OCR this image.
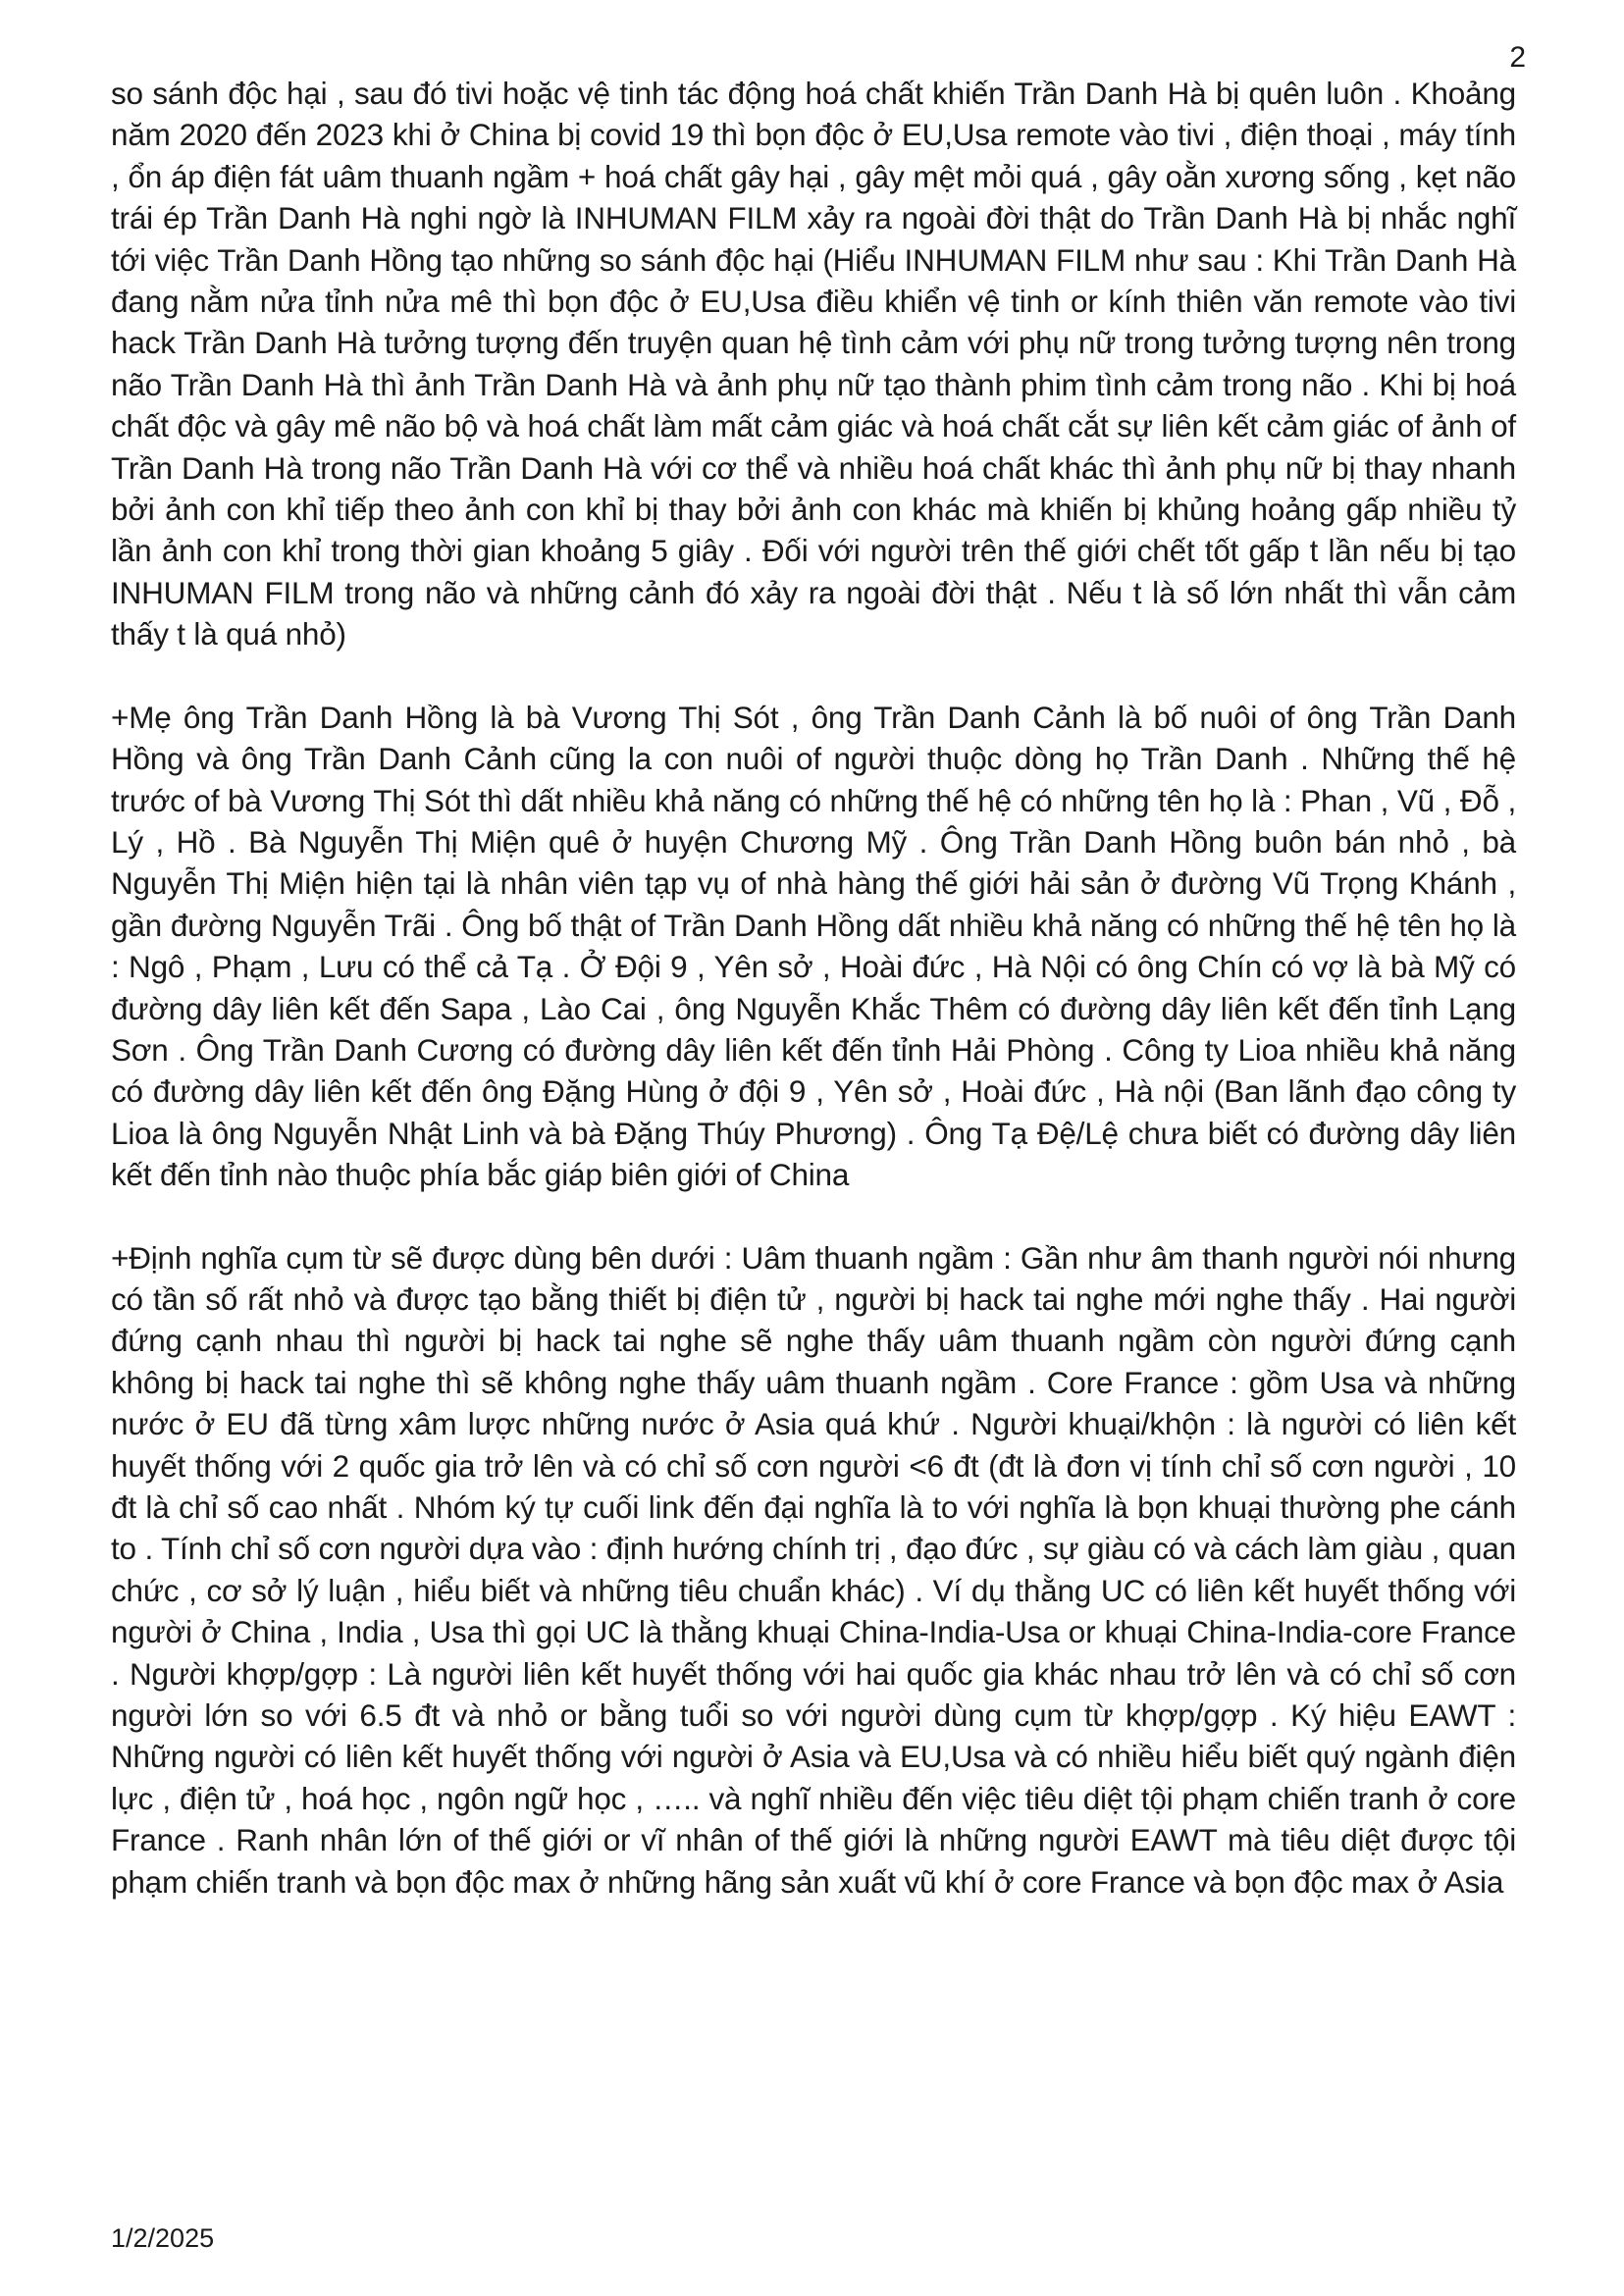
2

so sánh độc hại , sau đó tivi hoặc vệ tinh tác động hoá chất khiến Trần Danh Hà bị quên luôn . Khoảng năm 2020 đến 2023 khi ở China bị covid 19 thì bọn độc ở EU,Usa remote vào tivi , điện thoại , máy tính , ổn áp điện fát uâm thuanh ngầm + hoá chất gây hại , gây mệt mỏi quá , gây oằn xương sống , kẹt não trái ép Trần Danh Hà nghi ngờ là INHUMAN FILM xảy ra ngoài đời thật do Trần Danh Hà bị nhắc nghĩ tới việc Trần Danh Hồng tạo những so sánh độc hại (Hiểu INHUMAN FILM như sau : Khi Trần Danh Hà đang nằm nửa tỉnh nửa mê thì bọn độc ở EU,Usa điều khiển vệ tinh or kính thiên văn remote vào tivi hack Trần Danh Hà tưởng tượng đến truyện quan hệ tình cảm với phụ nữ trong tưởng tượng nên trong não Trần Danh Hà thì ảnh Trần Danh Hà và ảnh phụ nữ tạo thành phim tình cảm trong não . Khi bị hoá chất độc và gây mê não bộ và hoá chất làm mất cảm giác và hoá chất cắt sự liên kết cảm giác of ảnh of Trần Danh Hà trong não Trần Danh Hà với cơ thể và nhiều hoá chất khác thì ảnh phụ nữ bị thay nhanh bởi ảnh con khỉ tiếp theo ảnh con khỉ bị thay bởi ảnh con khác mà khiến bị khủng hoảng gấp nhiều tỷ lần ảnh con khỉ trong thời gian khoảng 5 giây . Đối với người trên thế giới chết tốt gấp t lần nếu bị tạo INHUMAN FILM trong não và những cảnh đó xảy ra ngoài đời thật . Nếu t là số lớn nhất thì vẫn cảm thấy t là quá nhỏ)

+Mẹ ông Trần Danh Hồng là bà Vương Thị Sót , ông Trần Danh Cảnh là bố nuôi of ông Trần Danh Hồng và ông Trần Danh Cảnh cũng la con nuôi of người thuộc dòng họ Trần Danh . Những thế hệ trước of bà Vương Thị Sót thì dất nhiều khả năng có những thế hệ có những tên họ là : Phan , Vũ , Đỗ , Lý , Hồ . Bà Nguyễn Thị Miện quê ở huyện Chương Mỹ . Ông Trần Danh Hồng buôn bán nhỏ , bà Nguyễn Thị Miện hiện tại là nhân viên tạp vụ of nhà hàng thế giới hải sản ở đường Vũ Trọng Khánh , gần đường Nguyễn Trãi . Ông bố thật of Trần Danh Hồng dất nhiều khả năng có những thế hệ tên họ là : Ngô , Phạm , Lưu có thể cả Tạ . Ở Đội 9 , Yên sở , Hoài đức , Hà Nội có ông Chín có vợ là bà Mỹ có đường dây liên kết đến Sapa , Lào Cai , ông Nguyễn Khắc Thêm có đường dây liên kết đến tỉnh Lạng Sơn . Ông Trần Danh Cương có đường dây liên kết đến tỉnh Hải Phòng . Công ty Lioa nhiều khả năng có đường dây liên kết đến ông Đặng Hùng ở đội 9 , Yên sở , Hoài đức , Hà nội (Ban lãnh đạo công ty Lioa là ông Nguyễn Nhật Linh và bà Đặng Thúy Phương) . Ông Tạ Đệ/Lệ chưa biết có đường dây liên kết đến tỉnh nào thuộc phía bắc giáp biên giới of China

+Định nghĩa cụm từ sẽ được dùng bên dưới : Uâm thuanh ngầm : Gần như âm thanh người nói nhưng có tần số rất nhỏ và được tạo bằng thiết bị điện tử , người bị hack tai nghe mới nghe thấy . Hai người đứng cạnh nhau thì người bị hack tai nghe sẽ nghe thấy uâm thuanh ngầm còn người đứng cạnh không bị hack tai nghe thì sẽ không nghe thấy uâm thuanh ngầm . Core France : gồm Usa và những nước ở EU đã từng xâm lược những nước ở Asia quá khứ . Người khuại/khộn : là người có liên kết huyết thống với 2 quốc gia trở lên và có chỉ số cơn người <6 đt (đt là đơn vị tính chỉ số cơn người , 10 đt là chỉ số cao nhất . Nhóm ký tự cuối link đến đại nghĩa là to với nghĩa là bọn khuại thường phe cánh to . Tính chỉ số cơn người dựa vào : định hướng chính trị , đạo đức , sự giàu có và cách làm giàu , quan chức , cơ sở lý luận , hiểu biết và những tiêu chuẩn khác) . Ví dụ thằng UC có liên kết huyết thống với người ở China , India , Usa thì gọi UC là thằng khuại China-India-Usa or khuại China-India-core France . Người khợp/gợp : Là người liên kết huyết thống với hai quốc gia khác nhau trở lên và có chỉ số cơn người lớn so với 6.5 đt và nhỏ or bằng tuổi so với người dùng cụm từ khợp/gợp . Ký hiệu EAWT : Những người có liên kết huyết thống với người ở Asia và EU,Usa và có nhiều hiểu biết quý ngành điện lực , điện tử , hoá học , ngôn ngữ học , ….. và nghĩ nhiều đến việc tiêu diệt tội phạm chiến tranh ở core France . Ranh nhân lớn of thế giới or vĩ nhân of thế giới là những người EAWT mà tiêu diệt được tội phạm chiến tranh và bọn độc max ở những hãng sản xuất vũ khí ở core France và bọn độc max ở Asia

1/2/2025
